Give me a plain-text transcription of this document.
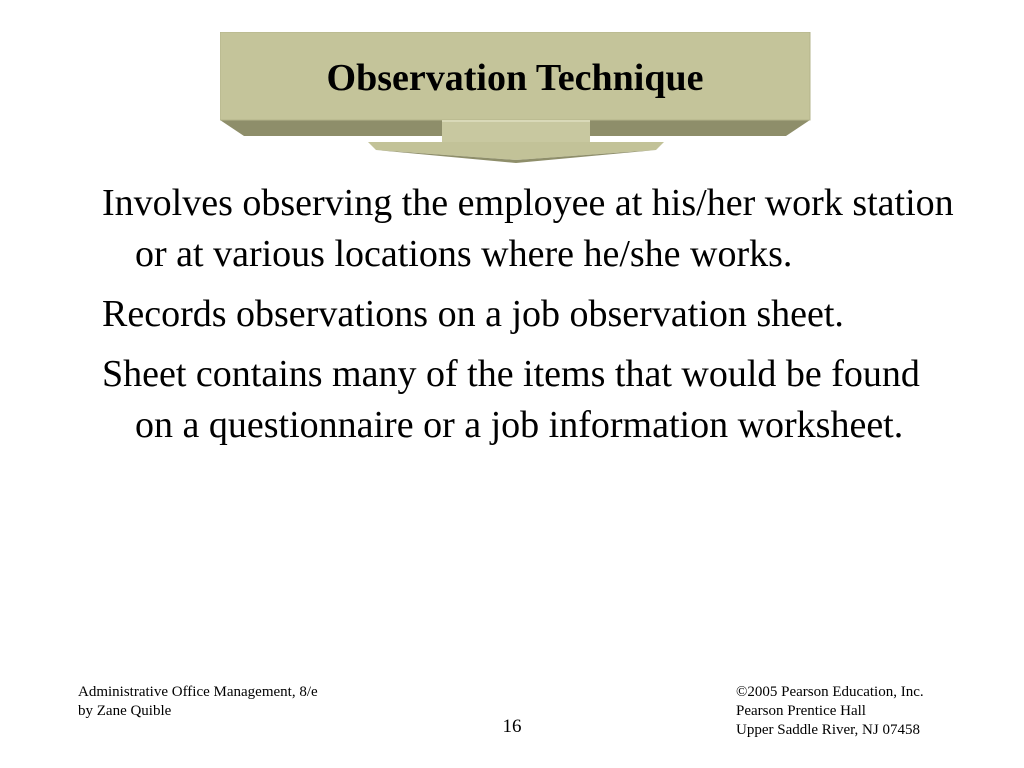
Observation Technique
Involves observing the employee at his/her work station or at various locations where he/she works.
Records observations on a job observation sheet.
Sheet contains many of the items that would be found on a questionnaire or a job information worksheet.
Administrative Office Management, 8/e
by Zane Quible
16
©2005 Pearson Education, Inc.
Pearson Prentice Hall
Upper Saddle River, NJ 07458
